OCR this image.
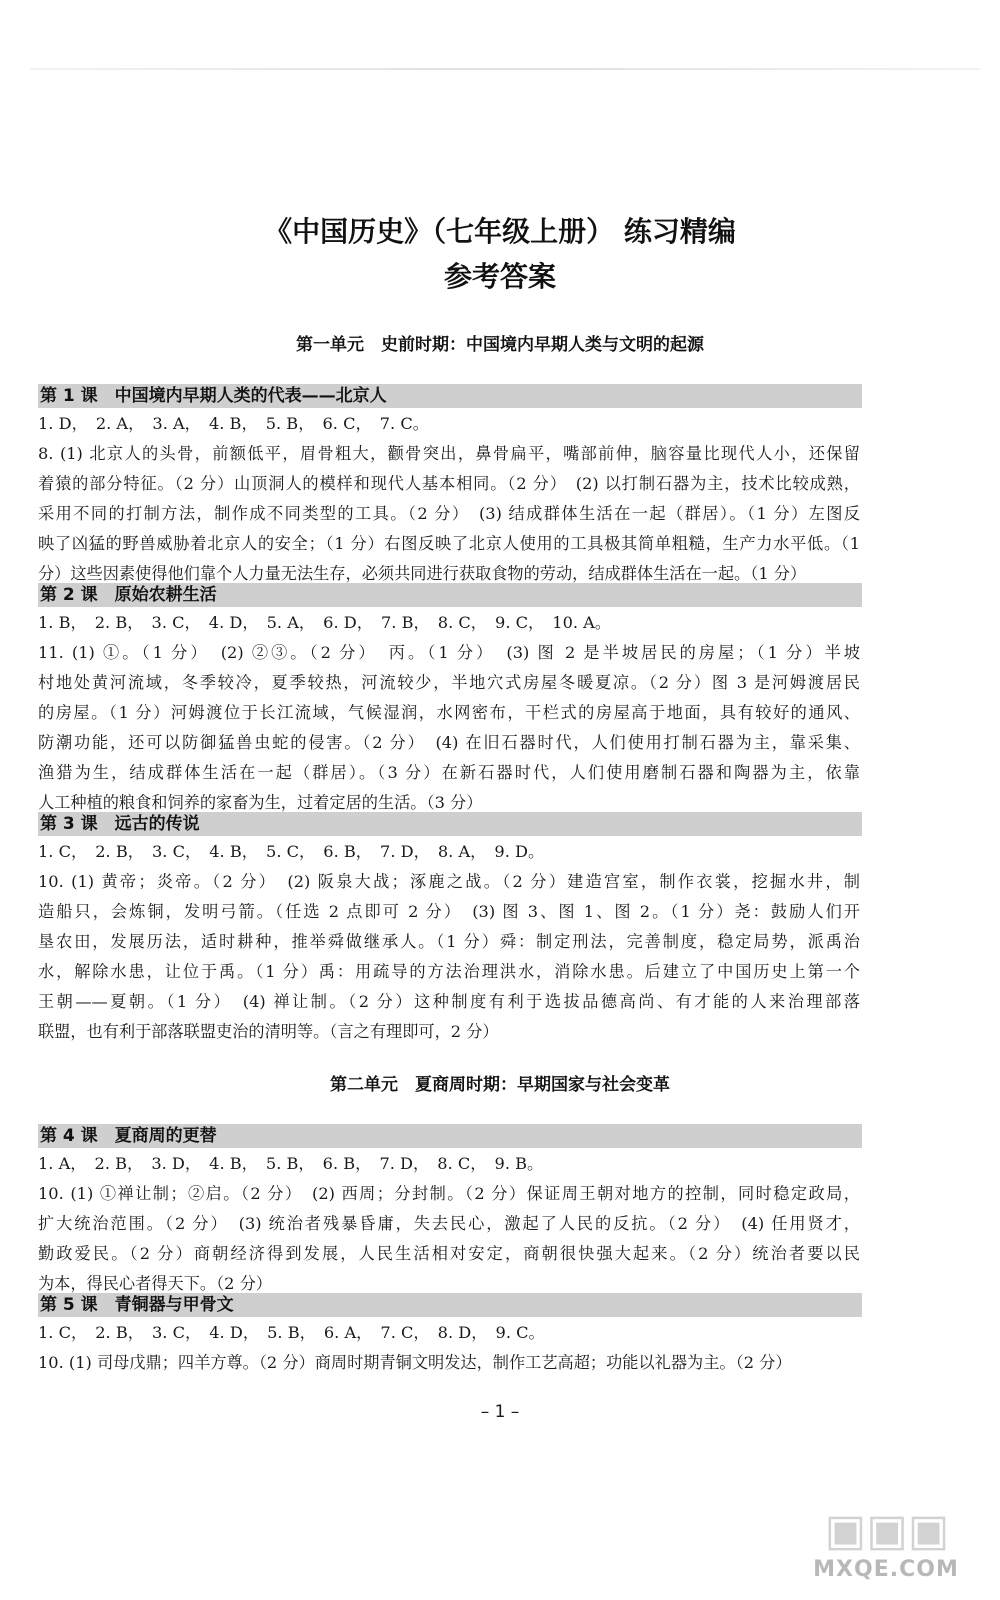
《中国历史》（七年级上册） 练习精编
参考答案
第一单元　史前时期：中国境内早期人类与文明的起源
第 1 课　中国境内早期人类的代表——北京人
1. D，　2. A，　3. A，　4. B，　5. B，　6. C，　7. C。
8. (1) 北京人的头骨，前额低平，眉骨粗大，颧骨突出，鼻骨扁平，嘴部前伸，脑容量比现代人小，还保留
着猿的部分特征。（2 分）山顶洞人的模样和现代人基本相同。（2 分）　(2) 以打制石器为主，技术比较成熟，
采用不同的打制方法，制作成不同类型的工具。（2 分）　(3) 结成群体生活在一起（群居）。（1 分）左图反
映了凶猛的野兽威胁着北京人的安全；（1 分）右图反映了北京人使用的工具极其简单粗糙，生产力水平低。（1
分）这些因素使得他们靠个人力量无法生存，必须共同进行获取食物的劳动，结成群体生活在一起。（1 分）
第 2 课　原始农耕生活
1. B，　2. B，　3. C，　4. D，　5. A，　6. D，　7. B，　8. C，　9. C，　10. A。
11. (1) ①。（1 分）　(2) ②③。（2 分）　丙。（1 分）　(3) 图 2 是半坡居民的房屋；（1 分）半坡
村地处黄河流域，冬季较冷，夏季较热，河流较少，半地穴式房屋冬暖夏凉。（2 分）图 3 是河姆渡居民
的房屋。（1 分）河姆渡位于长江流域，气候湿润，水网密布，干栏式的房屋高于地面，具有较好的通风、
防潮功能，还可以防御猛兽虫蛇的侵害。（2 分）　(4) 在旧石器时代，人们使用打制石器为主，靠采集、
渔猎为生，结成群体生活在一起（群居）。（3 分）在新石器时代，人们使用磨制石器和陶器为主，依靠
人工种植的粮食和饲养的家畜为生，过着定居的生活。（3 分）
第 3 课　远古的传说
1. C，　2. B，　3. C，　4. B，　5. C，　6. B，　7. D，　8. A，　9. D。
10. (1) 黄帝；炎帝。（2 分）　(2) 阪泉大战；涿鹿之战。（2 分）建造宫室，制作衣裳，挖掘水井，制
造船只，会炼铜，发明弓箭。（任选 2 点即可 2 分）　(3) 图 3、图 1、图 2。（1 分）尧：鼓励人们开
垦农田，发展历法，适时耕种，推举舜做继承人。（1 分）舜：制定刑法，完善制度，稳定局势，派禹治
水，解除水患，让位于禹。（1 分）禹：用疏导的方法治理洪水，消除水患。后建立了中国历史上第一个
王朝——夏朝。（1 分）　(4) 禅让制。（2 分）这种制度有利于选拔品德高尚、有才能的人来治理部落
联盟，也有利于部落联盟吏治的清明等。（言之有理即可，2 分）
第二单元　夏商周时期：早期国家与社会变革
第 4 课　夏商周的更替
1. A，　2. B，　3. D，　4. B，　5. B，　6. B，　7. D，　8. C，　9. B。
10. (1) ①禅让制；②启。（2 分）　(2) 西周；分封制。（2 分）保证周王朝对地方的控制，同时稳定政局，
扩大统治范围。（2 分）　(3) 统治者残暴昏庸，失去民心，激起了人民的反抗。（2 分）　(4) 任用贤才，
勤政爱民。（2 分）商朝经济得到发展，人民生活相对安定，商朝很快强大起来。（2 分）统治者要以民
为本，得民心者得天下。（2 分）
第 5 课　青铜器与甲骨文
1. C，　2. B，　3. C，　4. D，　5. B，　6. A，　7. C，　8. D，　9. C。
10. (1) 司母戊鼎；四羊方尊。（2 分）商周时期青铜文明发达，制作工艺高超；功能以礼器为主。（2 分）
– 1 –
▣▣▣
MXQE.COM
